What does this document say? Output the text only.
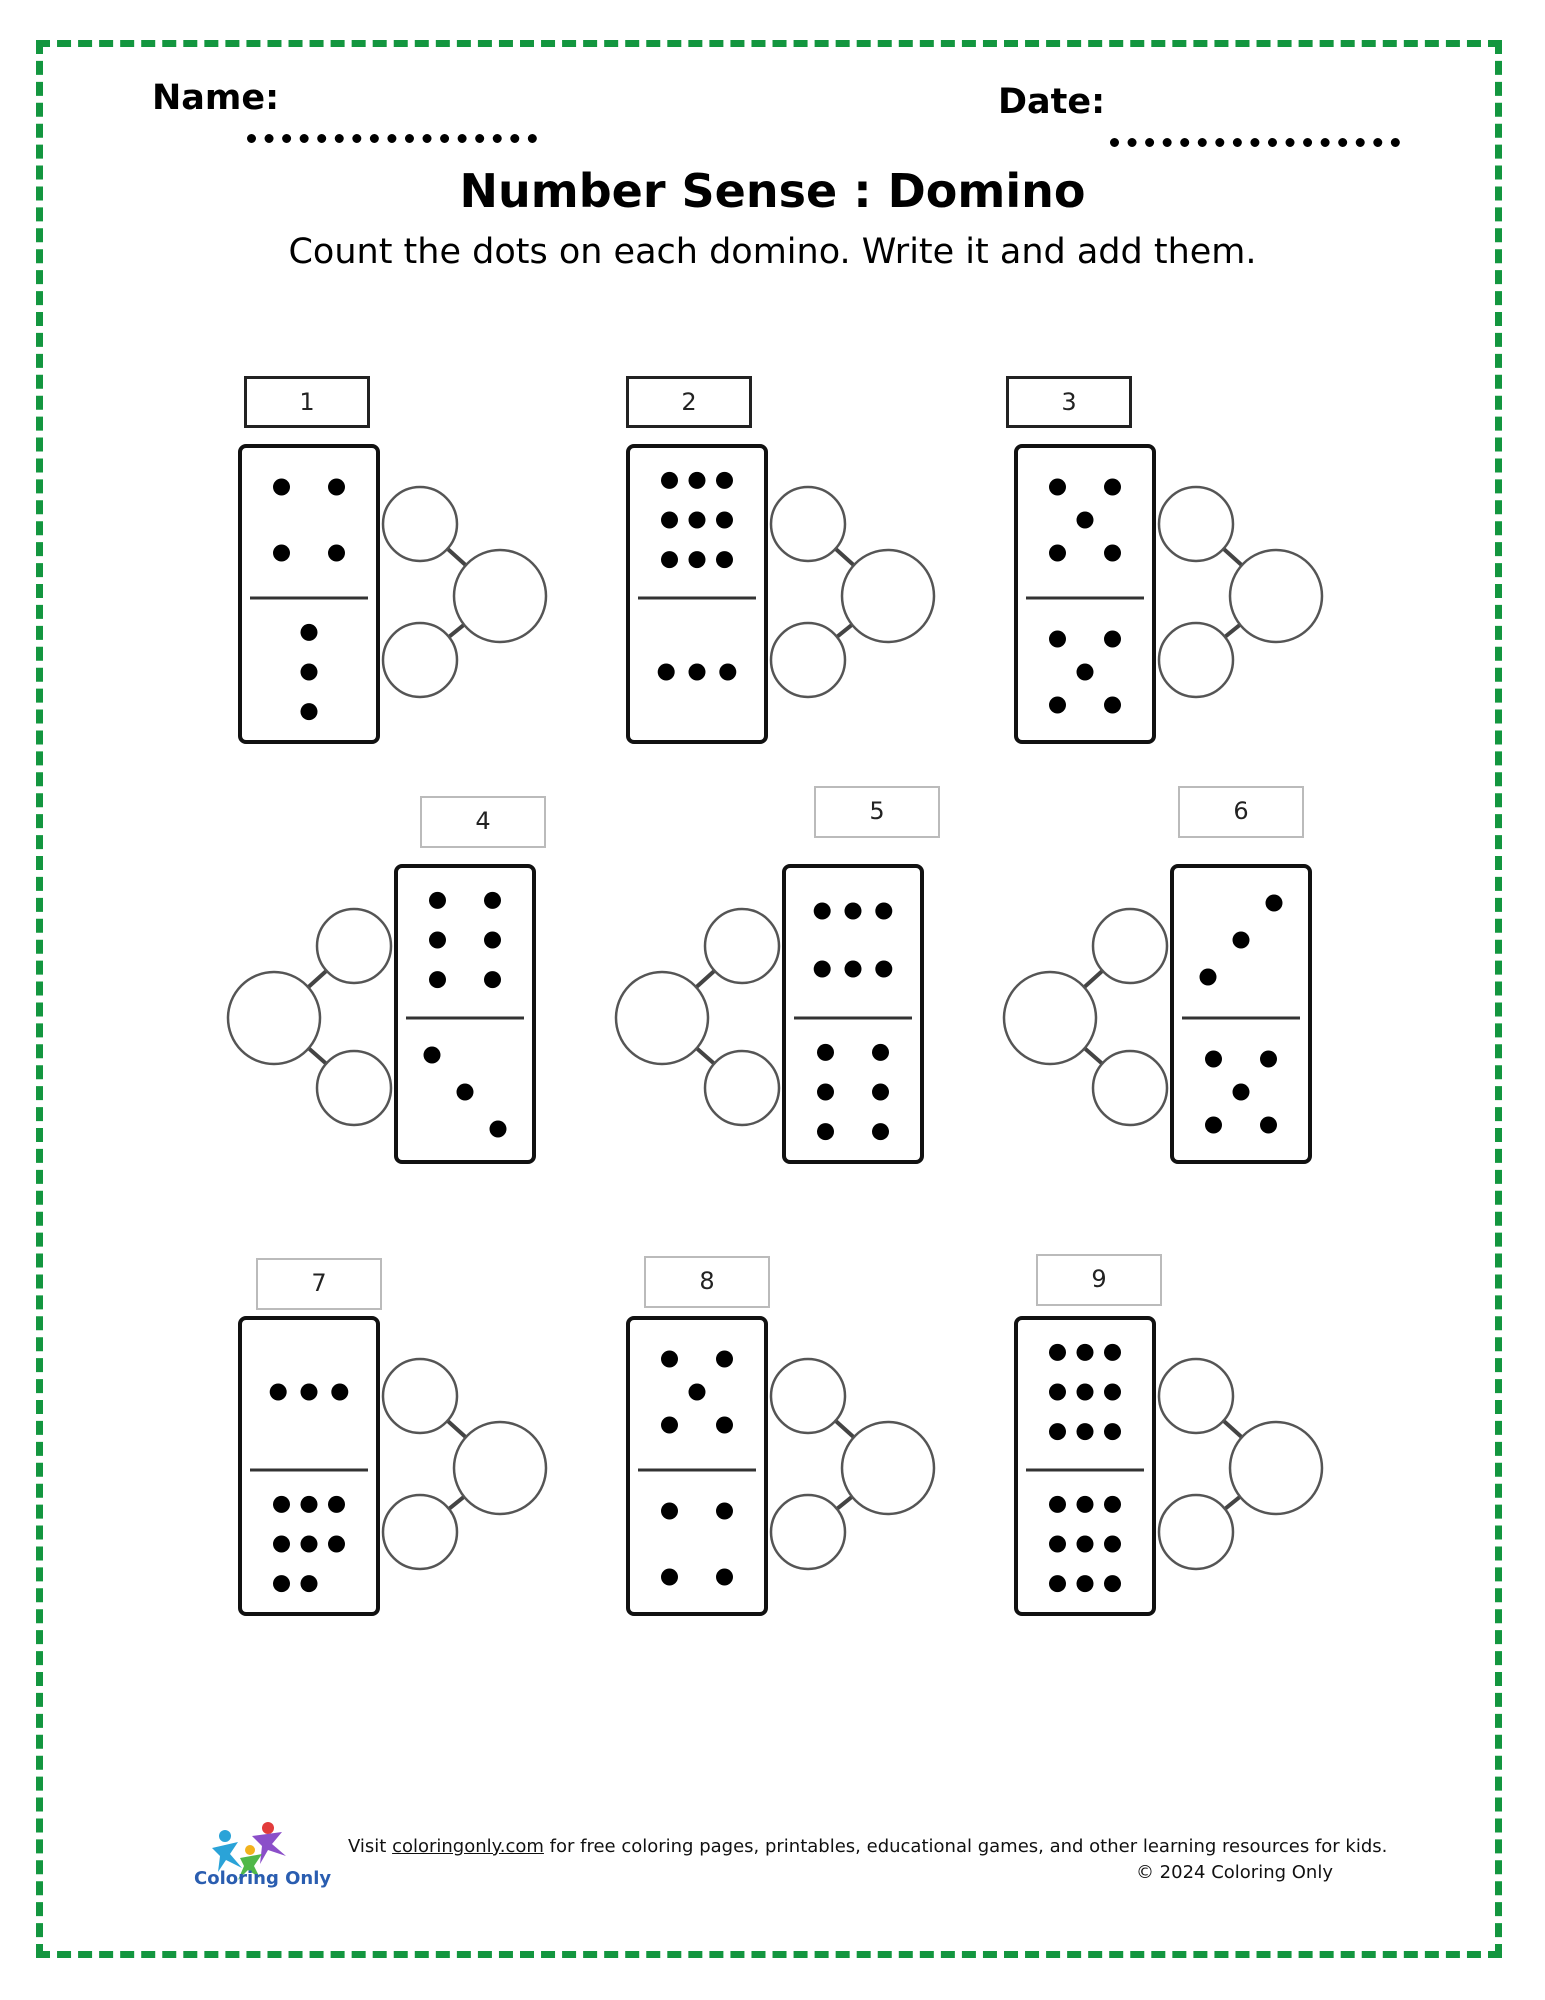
Name:	Date:
Number Sense : Domino
Count the dots on each domino. Write it and add them.
1	2	3
4	5	6
7	8	9
Coloring Only
Visit coloringonly.com for free coloring pages, printables, educational games, and other learning resources for kids.
© 2024 Coloring Only
